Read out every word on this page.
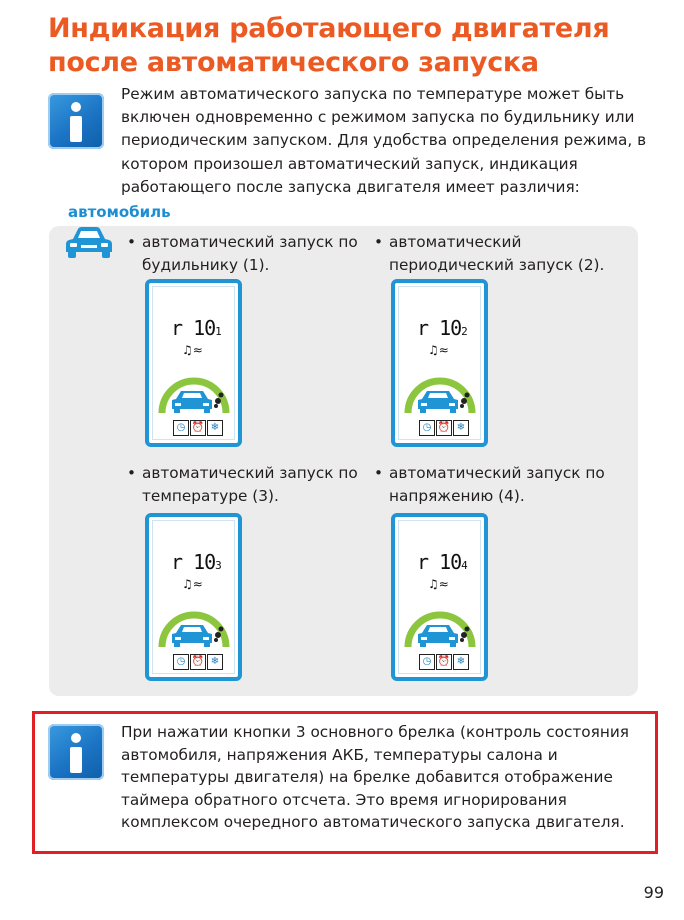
Индикация работающего двигателя
после автоматического запуска

Режим автоматического запуска по температуре может быть включен одновременно с режимом запуска по будильнику или периодическим запуском. Для удобства определения режима, в котором произошел автоматический запуск, индикация работающего после запуска двигателя имеет различия:

автомобиль
• автоматический запуск по будильнику (1).
• автоматический периодический запуск (2).
• автоматический запуск по температуре (3).
• автоматический запуск по напряжению (4).
r 101
♫≈
◷ ⏰ ❄
r 102
♫≈
◷ ⏰ ❄
r 103
♫≈
◷ ⏰ ❄
r 104
♫≈
◷ ⏰ ❄

При нажатии кнопки 3 основного брелка (контроль состояния автомобиля, напряжения АКБ, температуры салона и температуры двигателя) на брелке добавится отображение таймера обратного отсчета. Это время игнорирования комплексом очередного автоматического запуска двигателя.

99
